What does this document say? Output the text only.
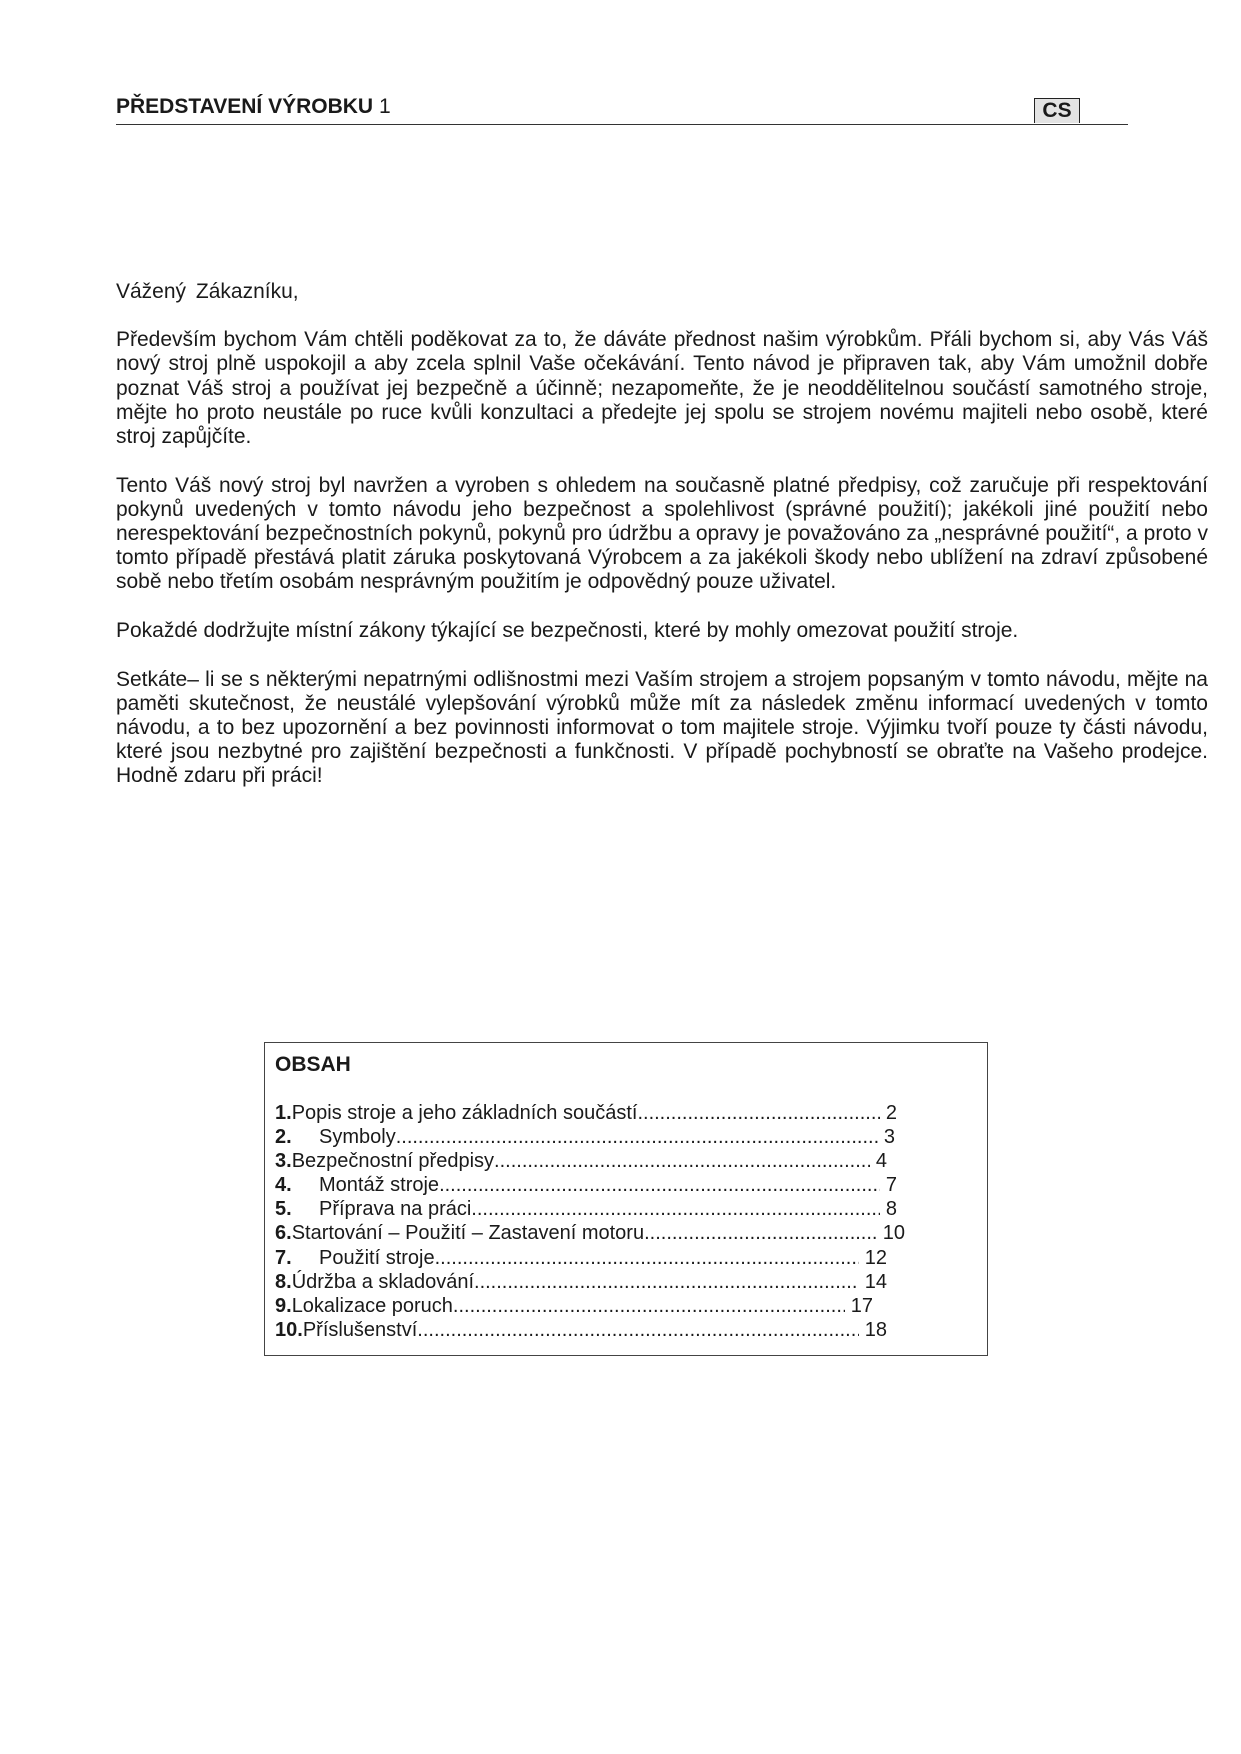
PŘEDSTAVENÍ VÝROBKU 1	CS

Vážený Zákazníku,

Především bychom Vám chtěli poděkovat za to, že dáváte přednost našim výrobkům. Přáli bychom si, aby Vás Váš nový stroj plně uspokojil a aby zcela splnil Vaše očekávání. Tento návod je připraven tak, aby Vám umožnil dobře poznat Váš stroj a používat jej bezpečně a účinně; nezapomeňte, že je neoddělitelnou součástí samotného stroje, mějte ho proto neustále po ruce kvůli konzultaci a předejte jej spolu se strojem novému majiteli nebo osobě, které stroj zapůjčíte.

Tento Váš nový stroj byl navržen a vyroben s ohledem na současně platné předpisy, což zaručuje při respektování pokynů uvedených v tomto návodu jeho bezpečnost a spolehlivost (správné použití); jakékoli jiné použití nebo nerespektování bezpečnostních pokynů, pokynů pro údržbu a opravy je považováno za „nesprávné použití“, a proto v tomto případě přestává platit záruka poskytovaná Výrobcem a za jakékoli škody nebo ublížení na zdraví způsobené sobě nebo třetím osobám nesprávným použitím je odpovědný pouze uživatel.

Pokaždé dodržujte místní zákony týkající se bezpečnosti, které by mohly omezovat použití stroje.

Setkáte– li se s některými nepatrnými odlišnostmi mezi Vaším strojem a strojem popsaným v tomto návodu, mějte na paměti skutečnost, že neustálé vylepšování výrobků může mít za následek změnu informací uvedených v tomto návodu, a to bez upozornění a bez povinnosti informovat o tom majitele stroje. Výjimku tvoří pouze ty části návodu, které jsou nezbytné pro zajištění bezpečnosti a funkčnosti. V případě pochybností se obraťte na Vašeho prodejce. Hodně zdaru při práci!

OBSAH
1. Popis stroje a jeho základních součástí .....	2
2.	Symboly .....	3
3. Bezpečnostní předpisy .....	4
4.	Montáž stroje .....	7
5.	Příprava na práci .....	8
6. Startování – Použití – Zastavení motoru .....	10
7.	Použití stroje .....	12
8. Údržba a skladování .....	14
9. Lokalizace poruch .....	17
10. Příslušenství .....	18
